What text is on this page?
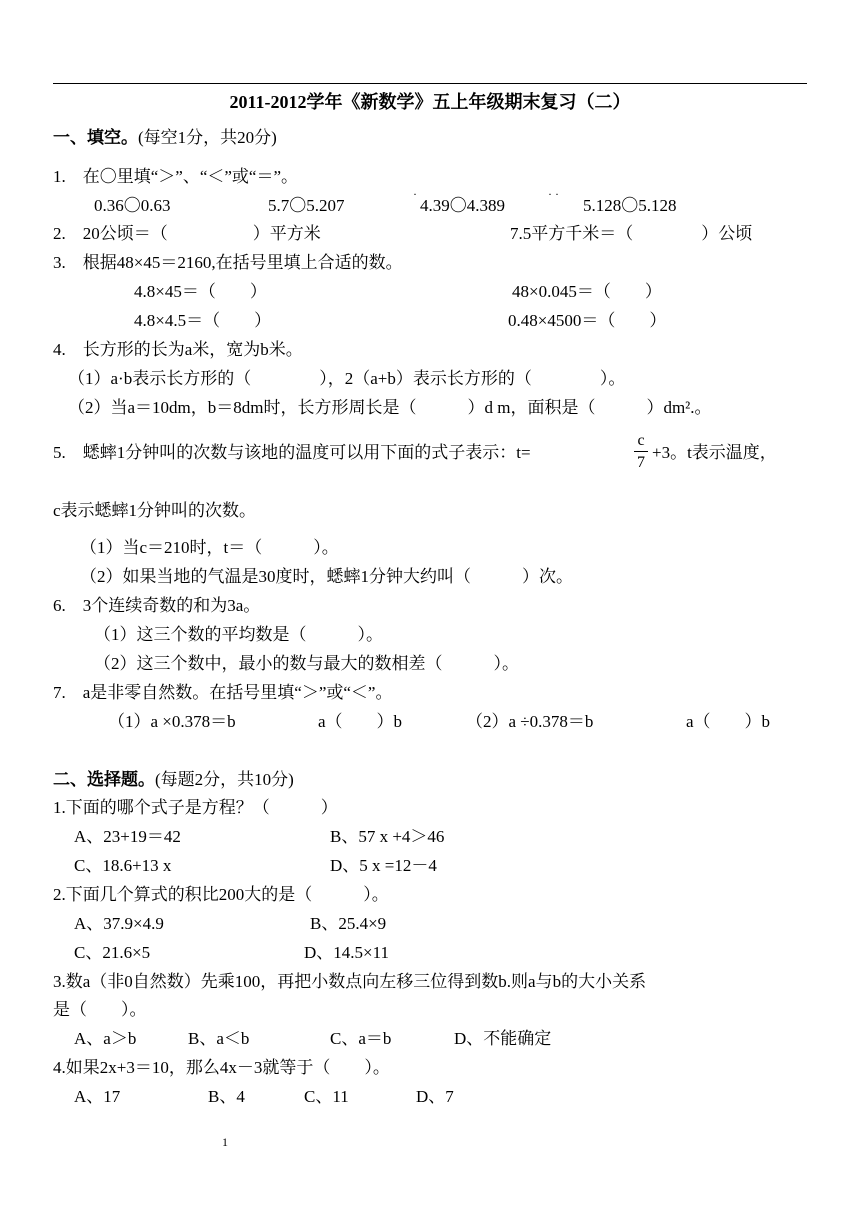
2011-2012学年《新数学》五上年级期末复习（二）
一、填空。(每空1分，共20分)
1.　在〇里填“＞”、“＜”或“＝”。
0.36〇0.63	5.7〇5.207
·
4.39〇4.389
· ·
5.128〇5.128
2.　20公顷＝（　　　　　）平方米	7.5平方千米＝（　　　　）公顷
3.　根据48×45＝2160,在括号里填上合适的数。
4.8×45＝（　　）	48×0.045＝（　　）
4.8×4.5＝（　　）	0.48×4500＝（　　）
4.　长方形的长为a米，宽为b米。
（1）a·b表示长方形的（　　　　），2（a+b）表示长方形的（　　　　）。
（2）当a＝10dm，b＝8dm时，长方形周长是（　　　）d m，面积是（　　　）dm².。
5.　蟋蟀1分钟叫的次数与该地的温度可以用下面的式子表示：t=
c
7
+3。t表示温度，
c表示蟋蟀1分钟叫的次数。
（1）当c＝210时，t＝（　　　）。
（2）如果当地的气温是30度时，蟋蟀1分钟大约叫（　　　）次。
6.　3个连续奇数的和为3a。
（1）这三个数的平均数是（　　　）。
（2）这三个数中，最小的数与最大的数相差（　　　）。
7.　a是非零自然数。在括号里填“＞”或“＜”。
（1）a ×0.378＝b	a（　　）b	（2）a ÷0.378＝b	a（　　）b
二、选择题。(每题2分，共10分)
1.下面的哪个式子是方程？（　　　）
A、23+19＝42	B、57 x +4＞46
C、18.6+13 x	D、5 x =12－4
2.下面几个算式的积比200大的是（　　　）。
A、37.9×4.9	B、25.4×9
C、21.6×5	D、14.5×11
3.数a（非0自然数）先乘100，再把小数点向左移三位得到数b.则a与b的大小关系
是（　　）。
A、a＞b	B、a＜b	C、a＝b	D、不能确定
4.如果2x+3＝10，那么4x－3就等于（　　）。
A、17	B、4	C、11	D、7
1
